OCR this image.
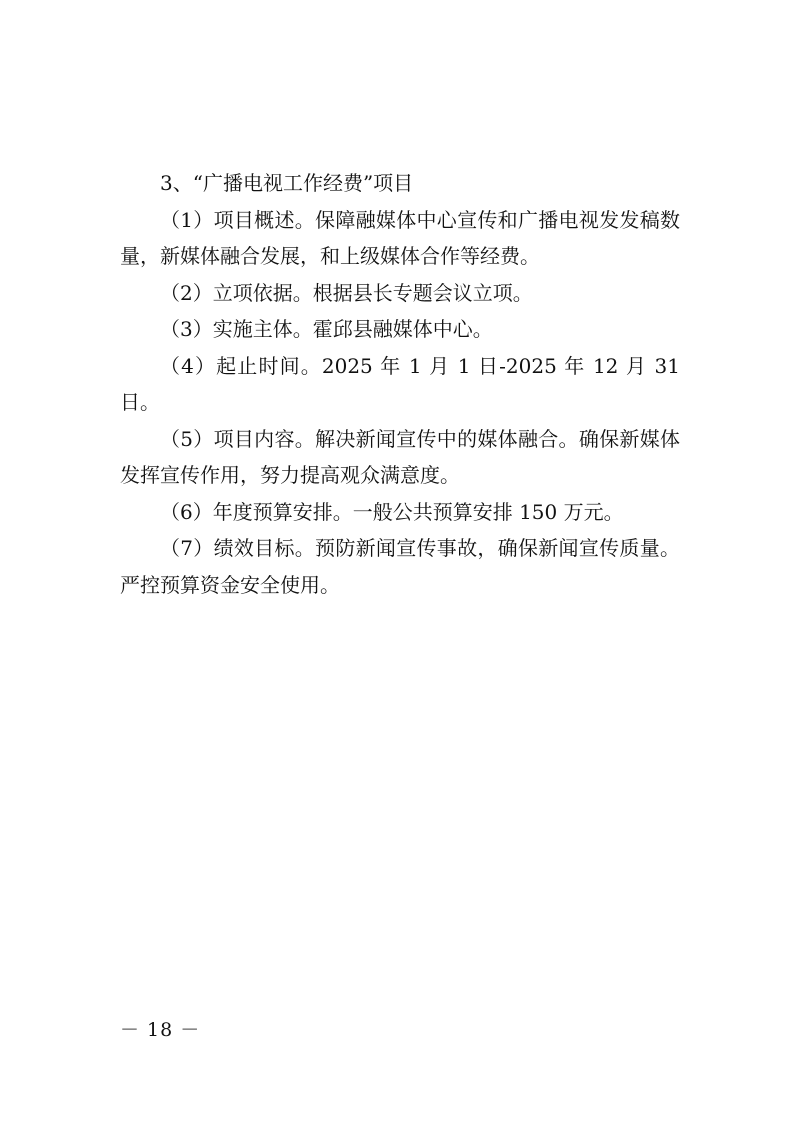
3、“广播电视工作经费”项目

（1）项目概述。保障融媒体中心宣传和广播电视发发稿数量，新媒体融合发展，和上级媒体合作等经费。

（2）立项依据。根据县长专题会议立项。

（3）实施主体。霍邱县融媒体中心。

（4）起止时间。2025 年 1 月 1 日-2025 年 12 月 31 日。

（5）项目内容。解决新闻宣传中的媒体融合。确保新媒体发挥宣传作用，努力提高观众满意度。

（6）年度预算安排。一般公共预算安排 150 万元。

（7）绩效目标。预防新闻宣传事故，确保新闻宣传质量。严控预算资金安全使用。

－ 18 －
